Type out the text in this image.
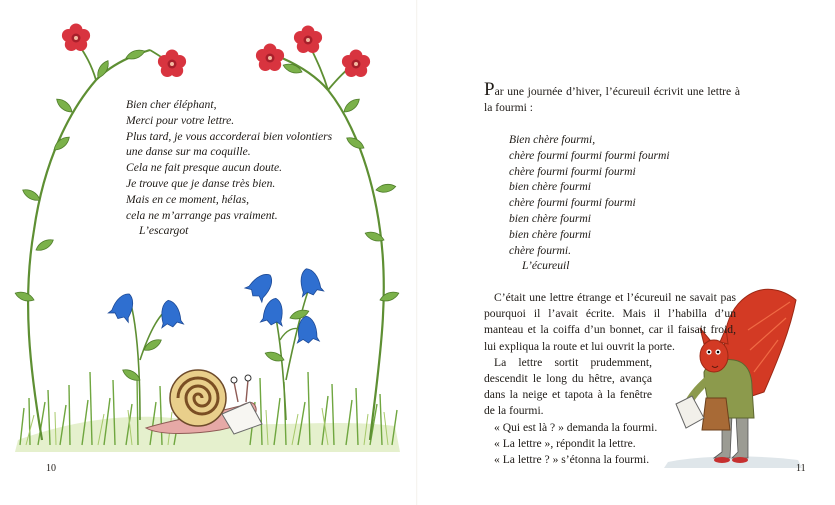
Bien cher éléphant,
Merci pour votre lettre.
Plus tard, je vous accorderai bien volontiers
une danse sur ma coquille.
Cela ne fait presque aucun doute.
Je trouve que je danse très bien.
Mais en ce moment, hélas,
cela ne m’arrange pas vraiment.
L’escargot
10

Par une journée d’hiver, l’écureuil écrivit une lettre à la fourmi :

Bien chère fourmi,
chère fourmi fourmi fourmi fourmi
chère fourmi fourmi fourmi
bien chère fourmi
chère fourmi fourmi fourmi
bien chère fourmi
bien chère fourmi
chère fourmi.
L’écureuil

C’était une lettre étrange et l’écureuil ne savait pas pourquoi il l’avait écrite. Mais il l’habilla d’un manteau et la coiffa d’un bonnet, car il faisait froid, lui expliqua la route et lui ouvrit la porte.

La lettre sortit prudemment, descendit le long du hêtre, avança dans la neige et tapota à la fenêtre de la fourmi.

« Qui est là ? » demanda la fourmi.

« La lettre », répondit la lettre.

« La lettre ? » s’étonna la fourmi.

11
